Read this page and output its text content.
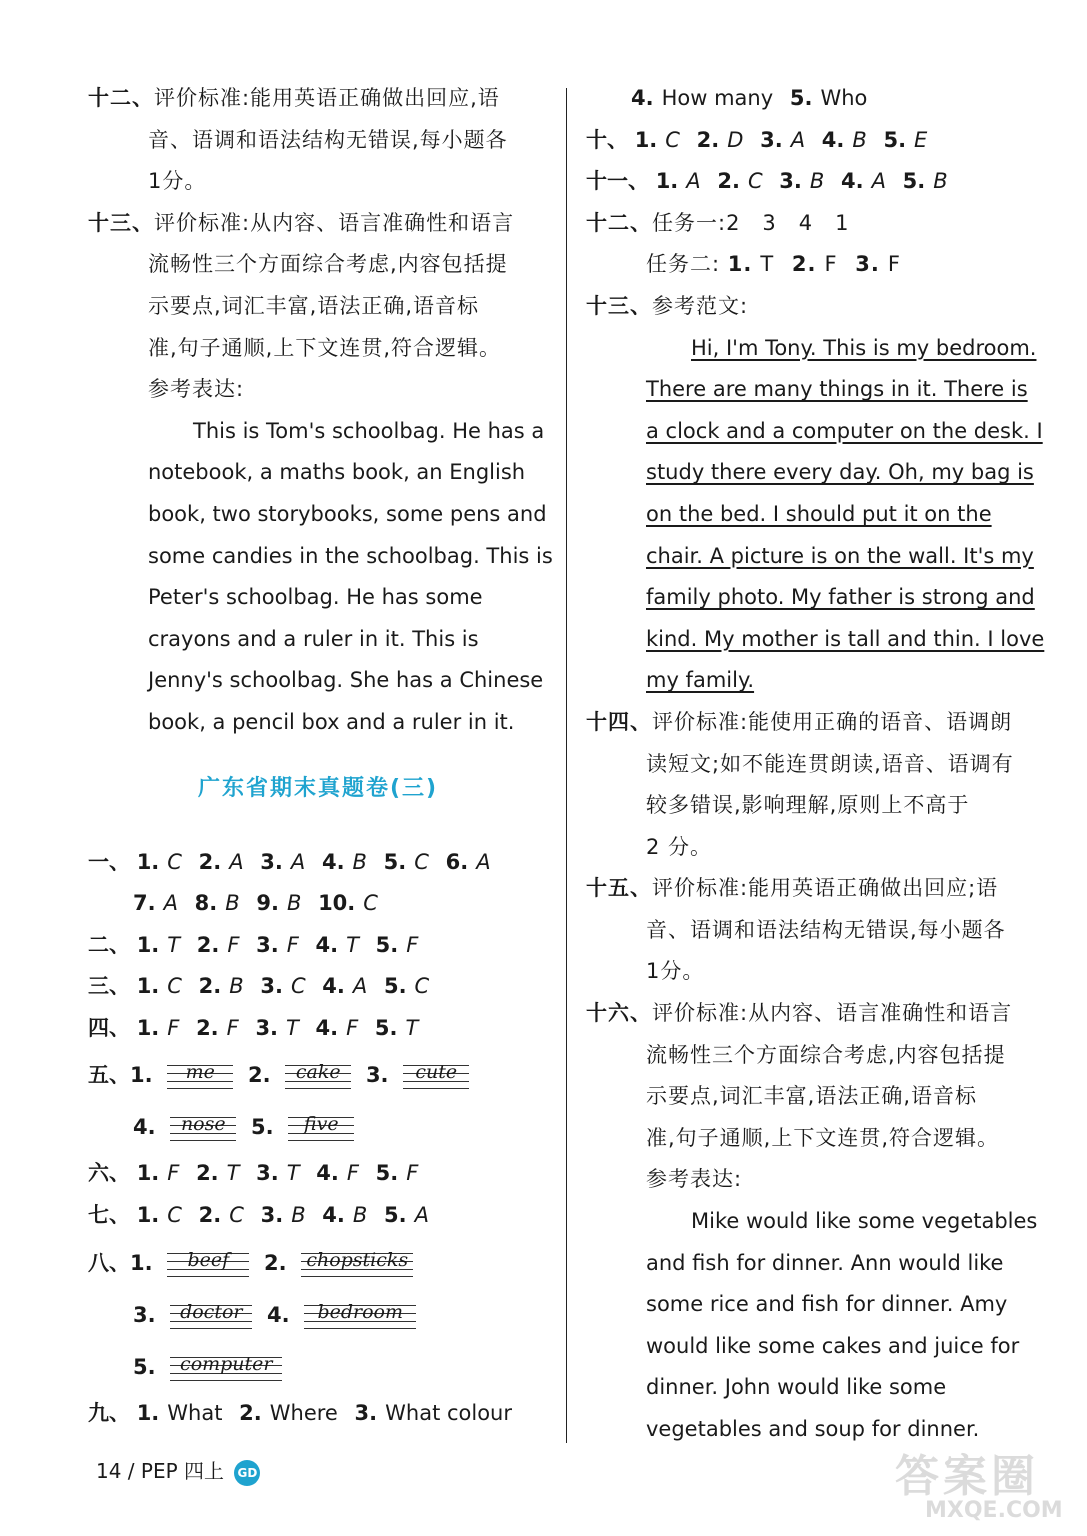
十二、评价标准:能用英语正确做出回应,语
音、语调和语法结构无错误,每小题各
1分。
十三、评价标准:从内容、语言准确性和语言
流畅性三个方面综合考虑,内容包括提
示要点,词汇丰富,语法正确,语音标
准,句子通顺,上下文连贯,符合逻辑。
参考表达:
This is Tom's schoolbag. He has a
notebook, a maths book, an English
book, two storybooks, some pens and
some candies in the schoolbag. This is
Peter's schoolbag. He has some
crayons and a ruler in it. This is
Jenny's schoolbag. She has a Chinese
book, a pencil box and a ruler in it.
广东省期末真题卷(三)
一、 1. C 2. A 3. A 4. B 5. C 6. A
7. A 8. B 9. B 10. C
二、 1. T 2. F 3. F 4. T 5. F
三、 1. C 2. B 3. C 4. A 5. C
四、 1. F 2. F 3. T 4. F 5. T
五、1.	me	2.	cake	3.	cute
4.	nose	5.	five
六、 1. F 2. T 3. T 4. F 5. F
七、 1. C 2. C 3. B 4. B 5. A
八、1.	beef	2. chopsticks
3.	doctor	4.	bedroom
5.	computer
九、 1. What 2. Where 3. What colour
4. How many 5. Who
十、 1. C 2. D 3. A 4. B 5. E
十一、 1. A 2. C 3. B 4. A 5. B
十二、任务一:2　3　4　1
任务二: 1. T 2. F 3. F
十三、参考范文:
Hi, I'm Tony. This is my bedroom.
There are many things in it. There is
a clock and a computer on the desk. I
study there every day. Oh, my bag is
on the bed. I should put it on the
chair. A picture is on the wall. It's my
family photo. My father is strong and
kind. My mother is tall and thin. I love
my family.
十四、评价标准:能使用正确的语音、语调朗
读短文;如不能连贯朗读,语音、语调有
较多错误,影响理解,原则上不高于
2 分。
十五、评价标准:能用英语正确做出回应;语
音、语调和语法结构无错误,每小题各
1分。
十六、评价标准:从内容、语言准确性和语言
流畅性三个方面综合考虑,内容包括提
示要点,词汇丰富,语法正确,语音标
准,句子通顺,上下文连贯,符合逻辑。
参考表达:
Mike would like some vegetables
and fish for dinner. Ann would like
some rice and fish for dinner. Amy
would like some cakes and juice for
dinner. John would like some
vegetables and soup for dinner.
14 / PEP 四上 GD	答案圈
MXQE.COM
